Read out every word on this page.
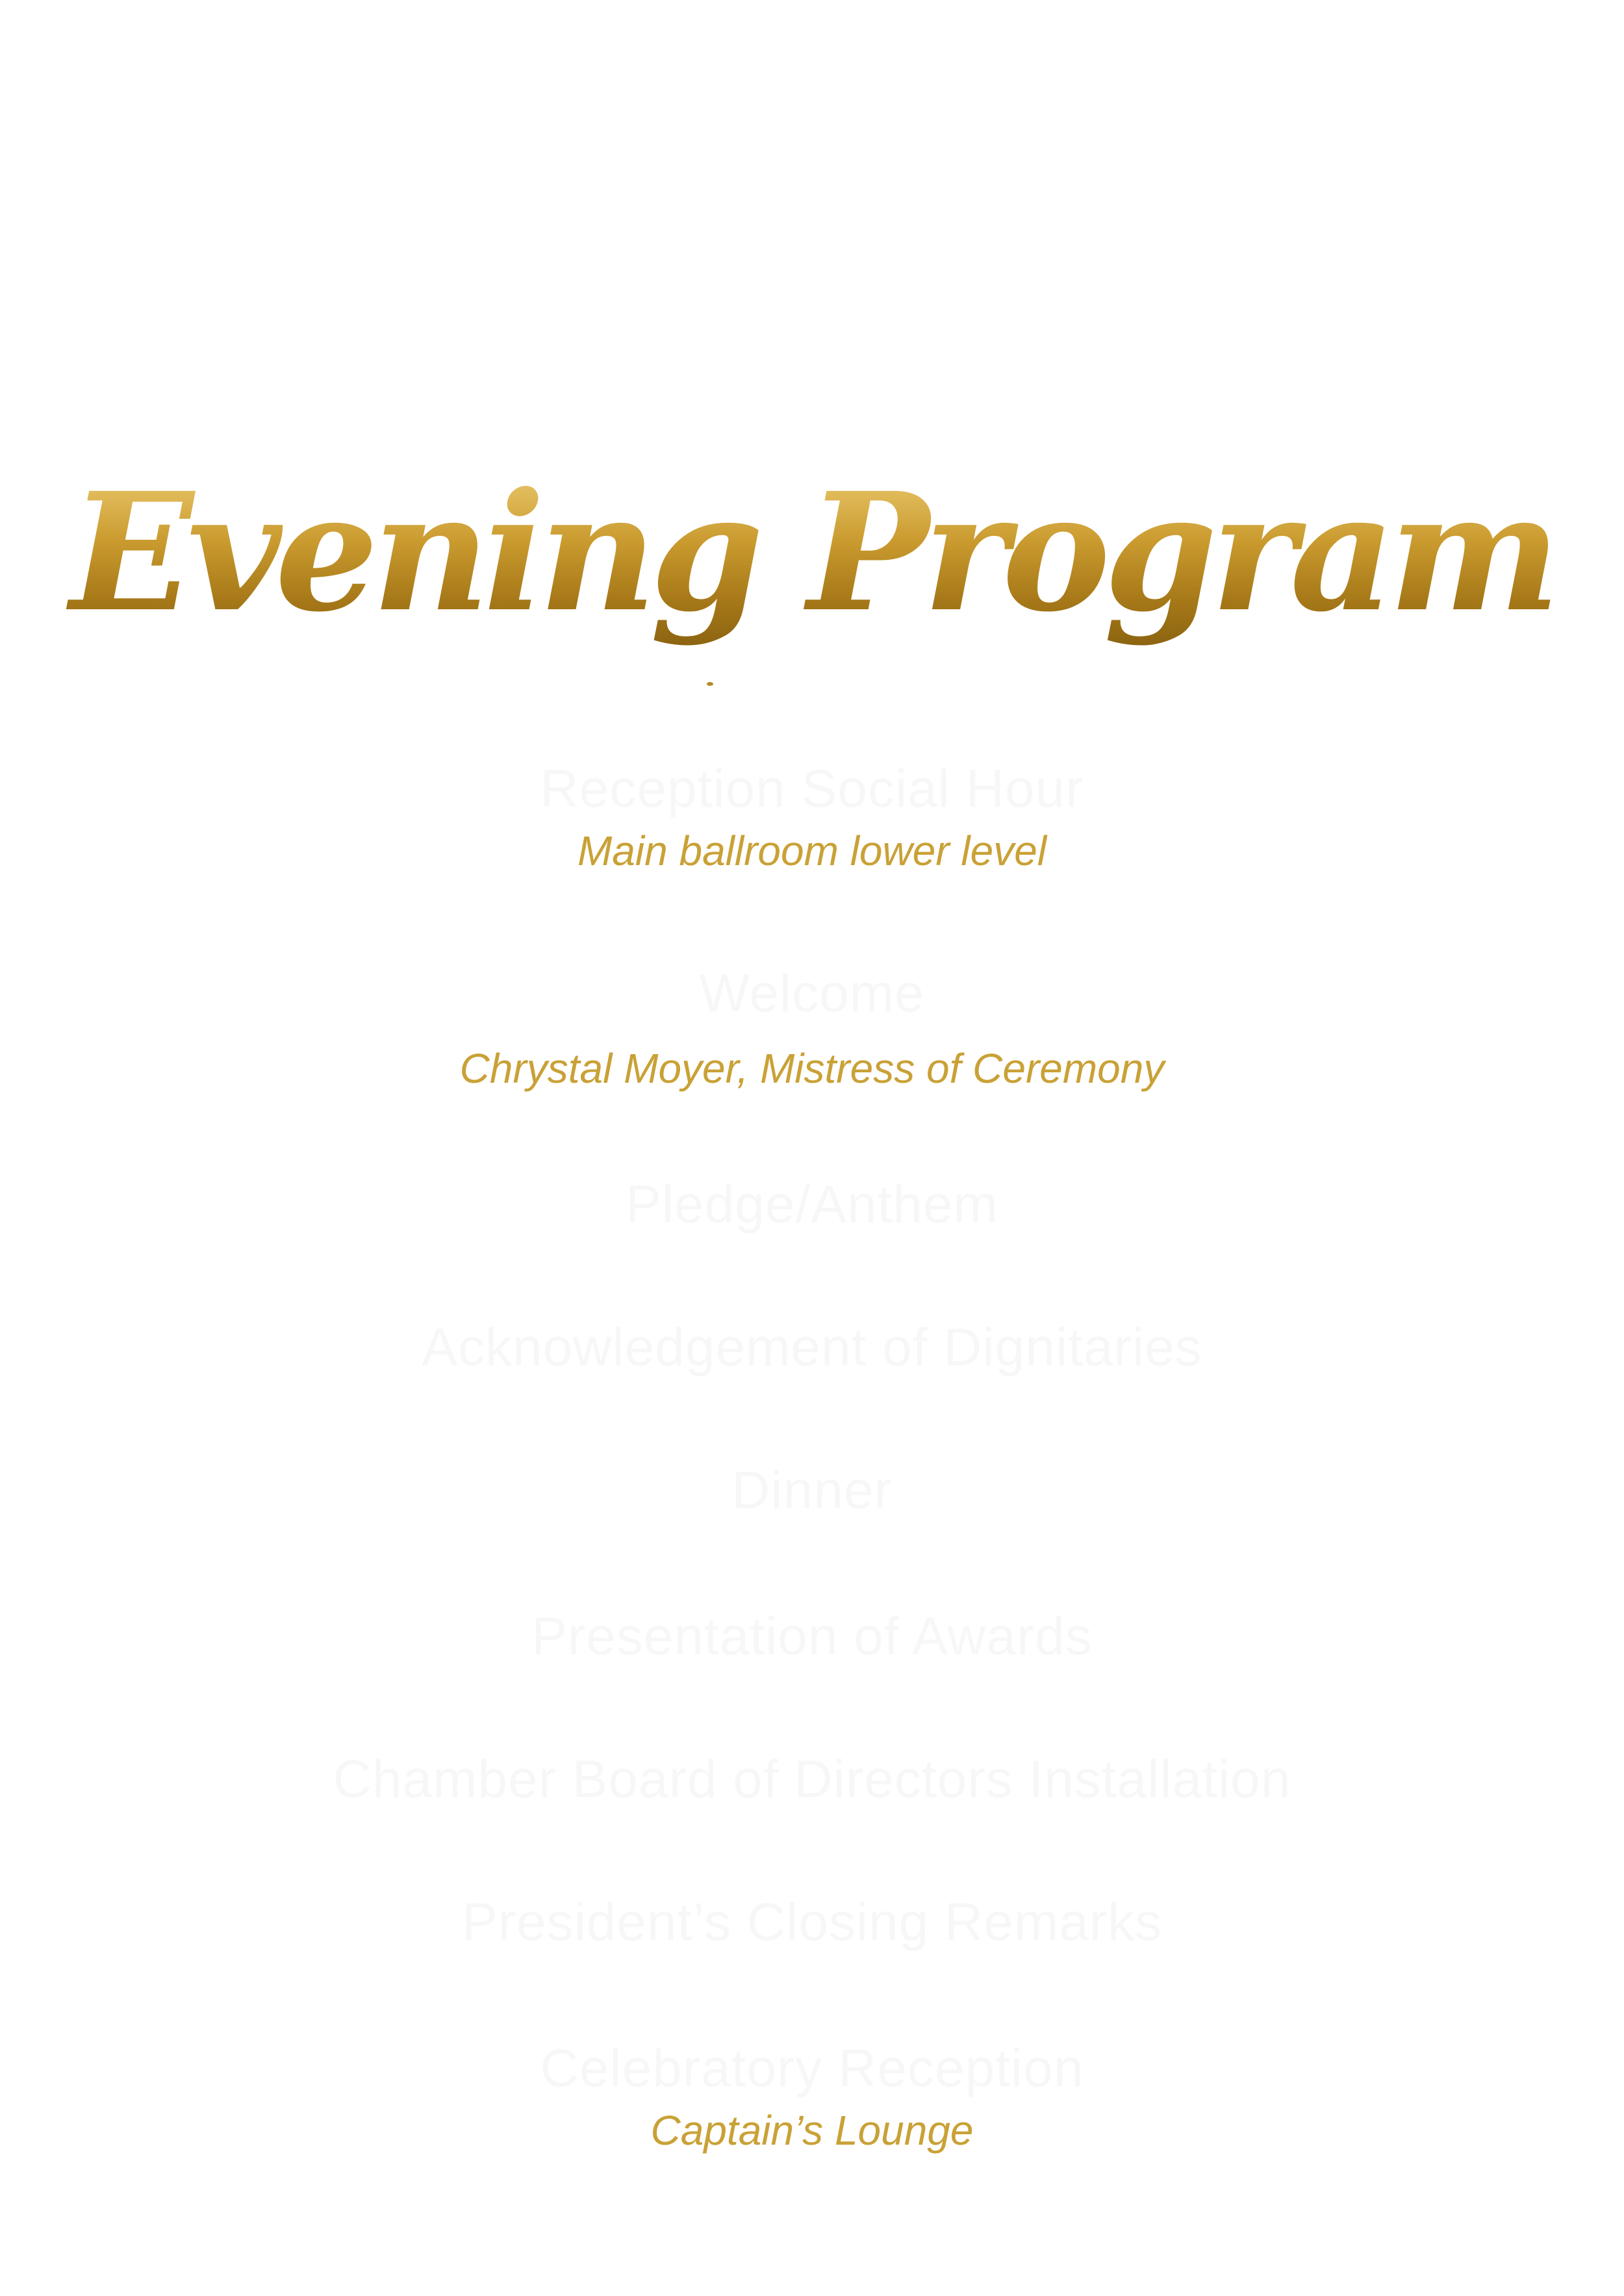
Evening Program
Reception Social Hour
Main ballroom lower level
Welcome
Chrystal Moyer, Mistress of Ceremony
Pledge/Anthem
Acknowledgement of Dignitaries
Dinner
Presentation of Awards
Chamber Board of Directors Installation
President’s Closing Remarks
Celebratory Reception
Captain’s Lounge
